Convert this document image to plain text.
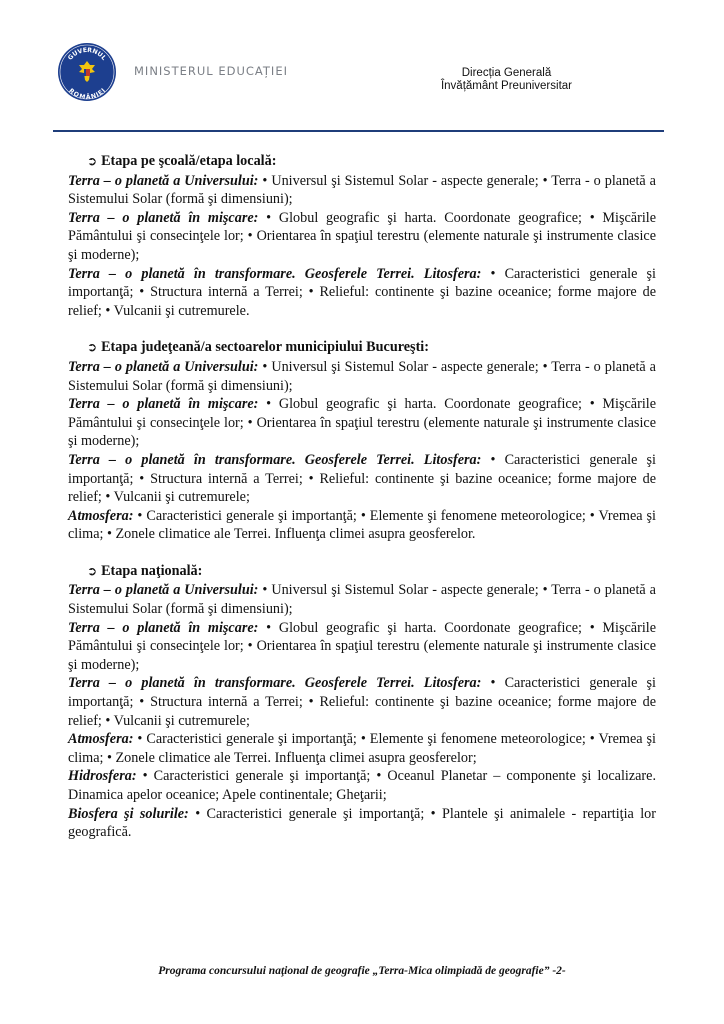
GUVERNUL
ROMÂNIEI
MINISTERUL EDUCAȚIEI	Direcția Generală
Învățământ Preuniversitar
➲ Etapa pe şcoală/etapa locală:

Terra – o planetă a Universului: • Universul şi Sistemul Solar - aspecte generale; • Terra - o planetă a Sistemului Solar (formă şi dimensiuni);

Terra – o planetă în mişcare: • Globul geografic şi harta. Coordonate geografice; • Mişcările Pământului şi consecinţele lor; • Orientarea în spaţiul terestru (elemente naturale şi instrumente clasice şi moderne);

Terra – o planetă în transformare. Geosferele Terrei. Litosfera: • Caracteristici generale şi importanţă; • Structura internă a Terrei; • Relieful: continente şi bazine oceanice; forme majore de relief; • Vulcanii şi cutremurele.

➲ Etapa judeţeană/a sectoarelor municipiului Bucureşti:

Terra – o planetă a Universului: • Universul şi Sistemul Solar - aspecte generale; • Terra - o planetă a Sistemului Solar (formă şi dimensiuni);

Terra – o planetă în mişcare: • Globul geografic şi harta. Coordonate geografice; • Mişcările Pământului şi consecinţele lor; • Orientarea în spaţiul terestru (elemente naturale şi instrumente clasice şi moderne);

Terra – o planetă în transformare. Geosferele Terrei. Litosfera: • Caracteristici generale şi importanţă; • Structura internă a Terrei; • Relieful: continente şi bazine oceanice; forme majore de relief; • Vulcanii şi cutremurele;

Atmosfera: • Caracteristici generale şi importanţă; • Elemente şi fenomene meteorologice; • Vremea şi clima; • Zonele climatice ale Terrei. Influenţa climei asupra geosferelor.

➲ Etapa naţională:

Terra – o planetă a Universului: • Universul şi Sistemul Solar - aspecte generale; • Terra - o planetă a Sistemului Solar (formă şi dimensiuni);

Terra – o planetă în mişcare: • Globul geografic şi harta. Coordonate geografice; • Mişcările Pământului şi consecinţele lor; • Orientarea în spaţiul terestru (elemente naturale şi instrumente clasice şi moderne);

Terra – o planetă în transformare. Geosferele Terrei. Litosfera: • Caracteristici generale şi importanţă; • Structura internă a Terrei; • Relieful: continente şi bazine oceanice; forme majore de relief; • Vulcanii şi cutremurele;

Atmosfera: • Caracteristici generale şi importanţă; • Elemente şi fenomene meteorologice; • Vremea şi clima; • Zonele climatice ale Terrei. Influenţa climei asupra geosferelor;

Hidrosfera: • Caracteristici generale şi importanţă; • Oceanul Planetar – componente şi localizare. Dinamica apelor oceanice; Apele continentale; Gheţarii;

Biosfera şi solurile: • Caracteristici generale şi importanţă; • Plantele şi animalele - repartiţia lor geografică.

Programa concursului naţional de geografie „Terra-Mica olimpiadă de geografie” -2-
